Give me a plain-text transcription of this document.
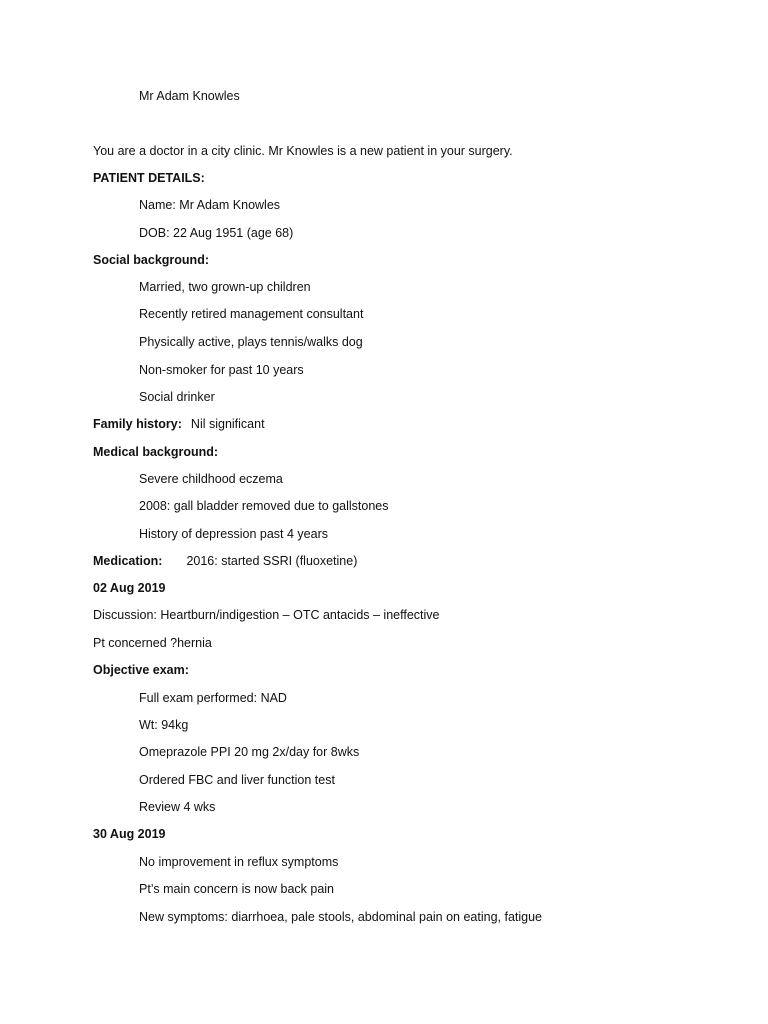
Mr Adam Knowles
You are a doctor in a city clinic. Mr Knowles is a new patient in your surgery.
PATIENT DETAILS:
Name: Mr Adam Knowles
DOB: 22 Aug 1951 (age 68)
Social background:
Married, two grown-up children
Recently retired management consultant
Physically active, plays tennis/walks dog
Non-smoker for past 10 years
Social drinker
Family history: Nil significant
Medical background:
Severe childhood eczema
2008: gall bladder removed due to gallstones
History of depression past 4 years
Medication: 2016: started SSRI (fluoxetine)
02 Aug 2019
Discussion: Heartburn/indigestion – OTC antacids – ineffective
Pt concerned ?hernia
Objective exam:
Full exam performed: NAD
Wt: 94kg
Omeprazole PPI 20 mg 2x/day for 8wks
Ordered FBC and liver function test
Review 4 wks
30 Aug 2019
No improvement in reflux symptoms
Pt’s main concern is now back pain
New symptoms: diarrhoea, pale stools, abdominal pain on eating, fatigue
